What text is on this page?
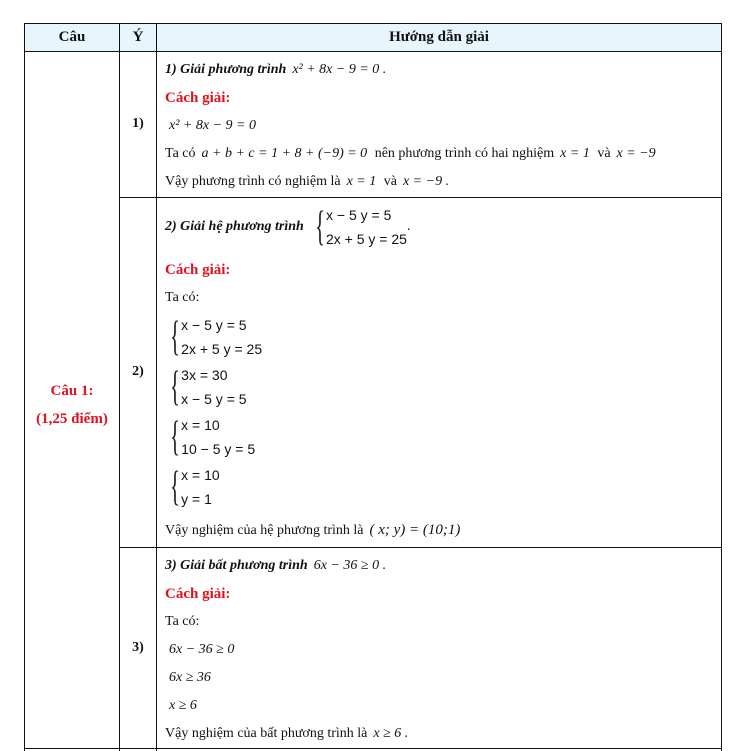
Câu	Ý	Hướng dẫn giải
Câu 1:
(1,25 điểm)
1)
1) Giải phương trình x² + 8x − 9 = 0 .
Cách giải:
x² + 8x − 9 = 0
Ta có a + b + c = 1 + 8 + (−9) = 0 nên phương trình có hai nghiệm x = 1 và x = −9
Vậy phương trình có nghiệm là x = 1 và x = −9 .
2)
2) Giải hệ phương trình { x − 5 y = 5
2x + 5 y = 25
.
Cách giải:
Ta có:
{ x − 5 y = 5
2x + 5 y = 25
{ 3x = 30
x − 5 y = 5
{ x = 10
10 − 5 y = 5
{ x = 10
y = 1
Vậy nghiệm của hệ phương trình là ( x; y) = (10;1)
3)
3) Giải bất phương trình 6x − 36 ≥ 0 .
Cách giải:
Ta có:
6x − 36 ≥ 0
6x ≥ 36
x ≥ 6
Vậy nghiệm của bất phương trình là x ≥ 6 .
